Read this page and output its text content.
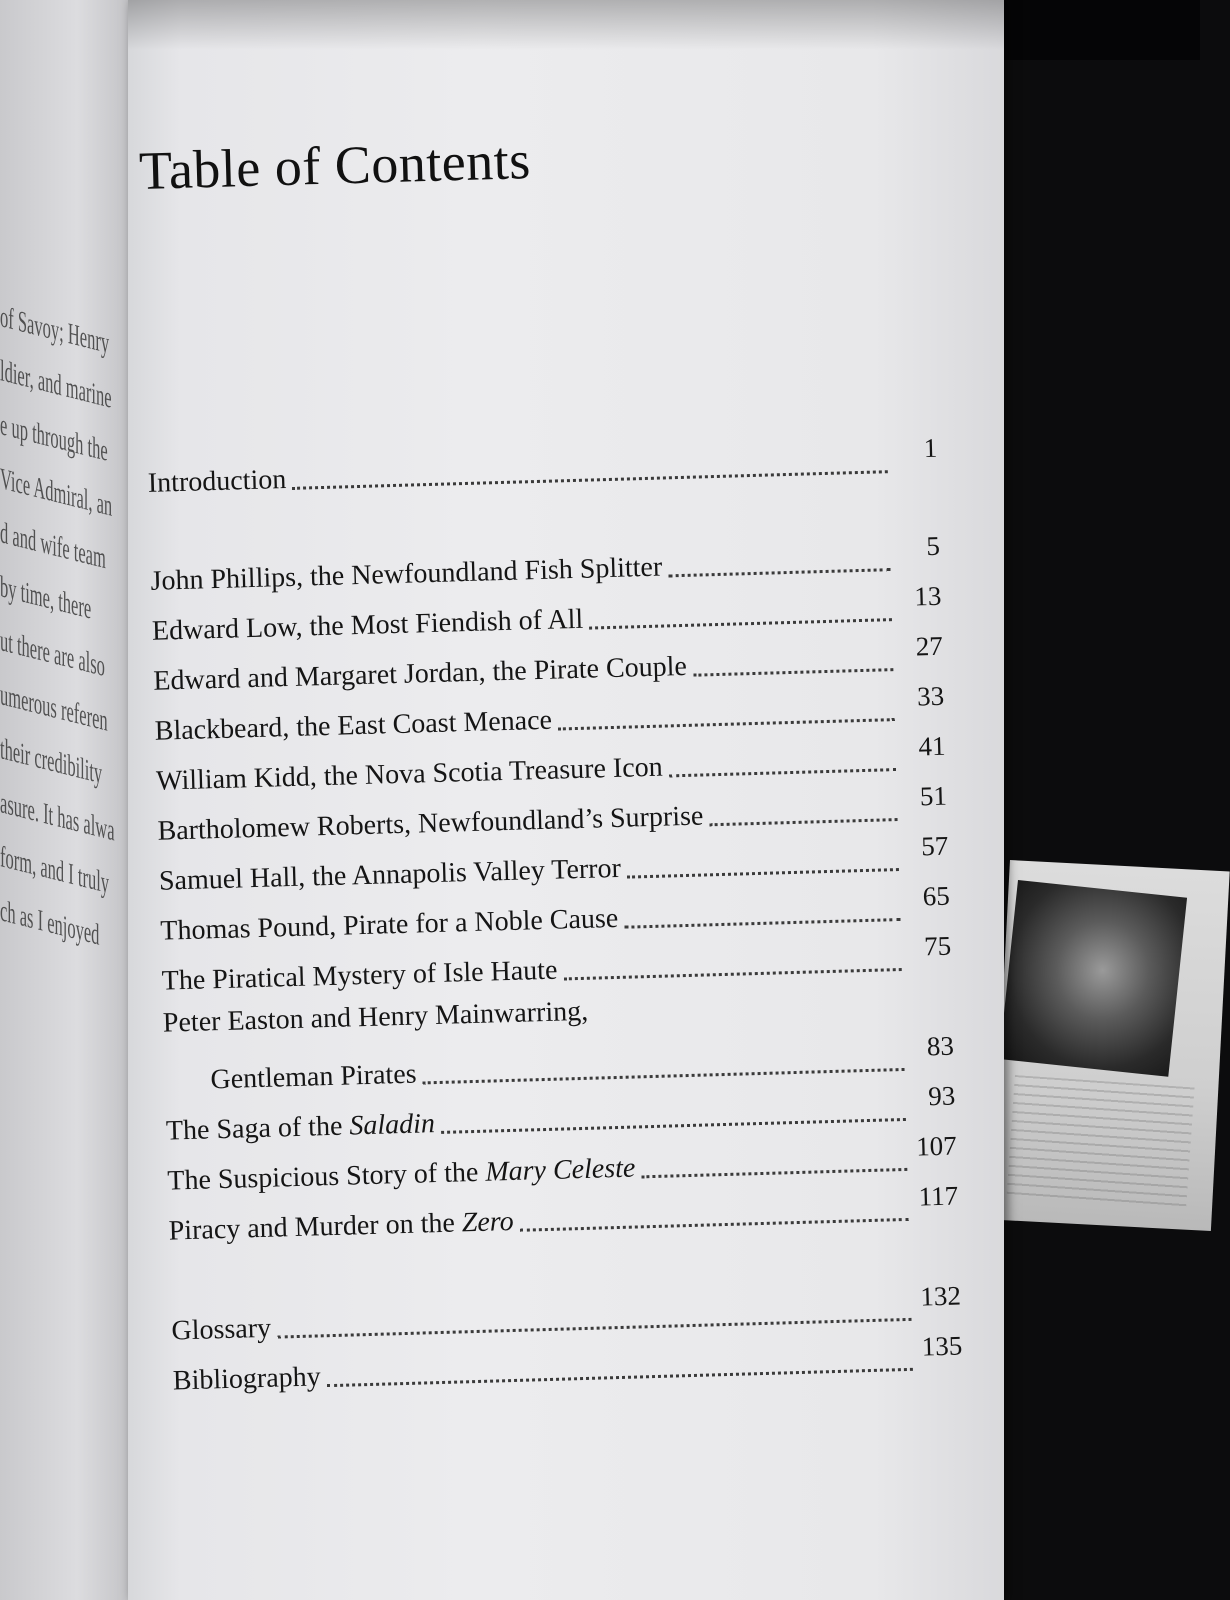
of Savoy; Henry
ldier, and marine
e up through the
Vice Admiral, an
d and wife team
by time, there
ut there are also
umerous referen
their credibility
asure. It has alwa
form, and I truly
ch as I enjoyed
Table of Contents
Introduction
1
John Phillips, the Newfoundland Fish Splitter
5
Edward Low, the Most Fiendish of All
13
Edward and Margaret Jordan, the Pirate Couple
27
Blackbeard, the East Coast Menace
33
William Kidd, the Nova Scotia Treasure Icon
41
Bartholomew Roberts, Newfoundland’s Surprise
51
Samuel Hall, the Annapolis Valley Terror
57
Thomas Pound, Pirate for a Noble Cause
65
The Piratical Mystery of Isle Haute
75
Peter Easton and Henry Mainwarring,
Gentleman Pirates
83
The Saga of the Saladin
93
The Suspicious Story of the Mary Celeste
107
Piracy and Murder on the Zero
117
Glossary
132
Bibliography
135
